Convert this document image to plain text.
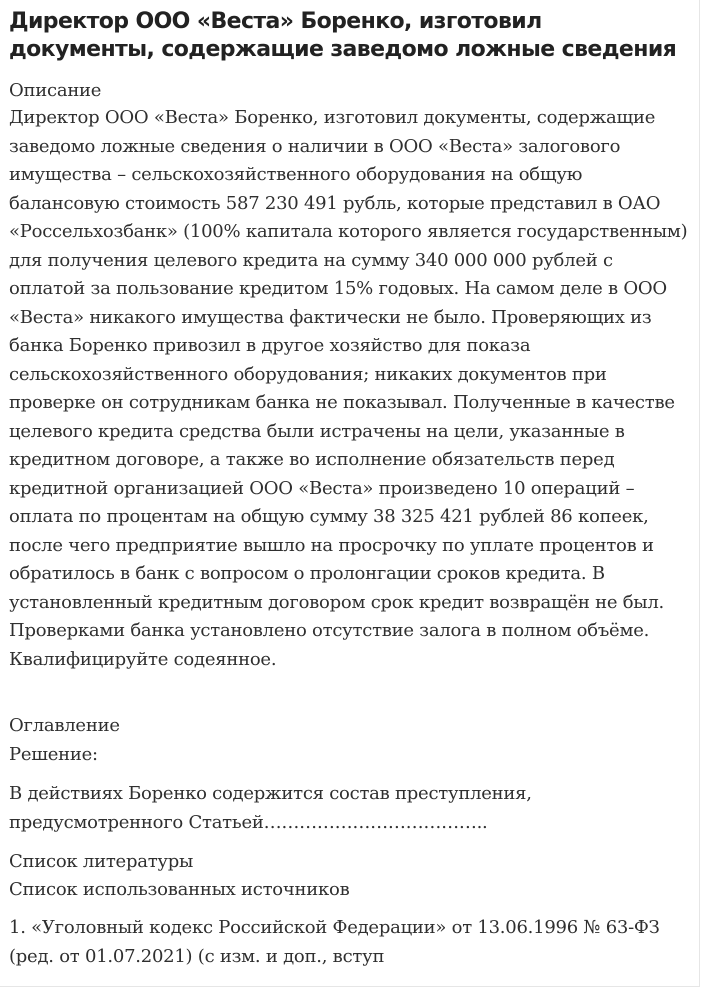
Директор ООО «Веста» Боренко, изготовил документы, содержащие заведомо ложные сведения
Описание

Директор ООО «Веста» Боренко, изготовил документы, содержащие заведомо ложные сведения о наличии в ООО «Веста» залогового имущества – сельскохозяйственного оборудования на общую балансовую стоимость 587 230 491 рубль, которые представил в ОАО «Россельхозбанк» (100% капитала которого является государственным) для получения целевого кредита на сумму 340 000 000 рублей с оплатой за пользование кредитом 15% годовых. На самом деле в ООО «Веста» никакого имущества фактически не было. Проверяющих из банка Боренко привозил в другое хозяйство для показа сельскохозяйственного оборудования; никаких документов при проверке он сотрудникам банка не показывал. Полученные в качестве целевого кредита средства были истрачены на цели, указанные в кредитном договоре, а также во исполнение обязательств перед кредитной организацией ООО «Веста» произведено 10 операций – оплата по процентам на общую сумму 38 325 421 рублей 86 копеек, после чего предприятие вышло на просрочку по уплате процентов и обратилось в банк с вопросом о пролонгации сроков кредита. В установленный кредитным договором срок кредит возвращён не был. Проверками банка установлено отсутствие залога в полном объёме. Квалифицируйте содеянное.

Оглавление
Решение:

В действиях Боренко содержится состав преступления, предусмотренного Статьей………………………………..

Список литературы
Список использованных источников

1. «Уголовный кодекс Российской Федерации» от 13.06.1996 № 63-ФЗ (ред. от 01.07.2021) (с изм. и доп., вступ
